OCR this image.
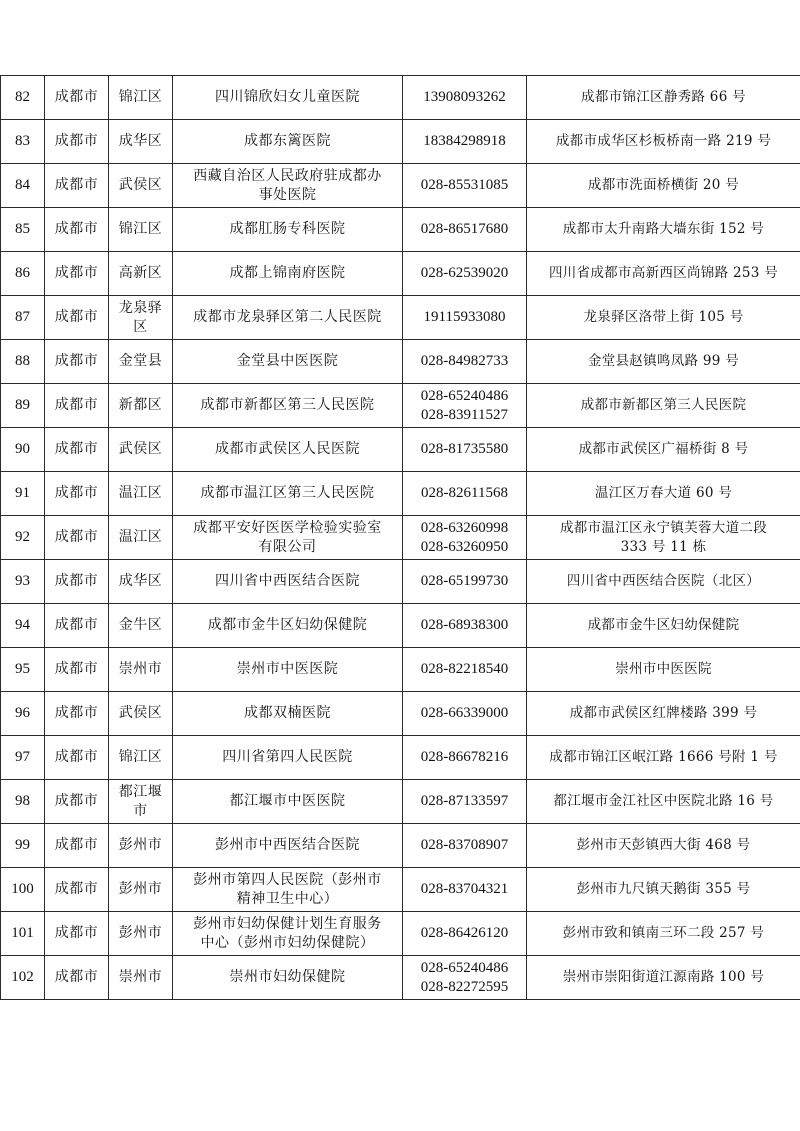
82	成都市	锦江区	四川锦欣妇女儿童医院	13908093262	成都市锦江区静秀路 66 号

83	成都市	成华区	成都东篱医院	18384298918	成都市成华区杉板桥南一路 219 号

84	成都市	武侯区	西藏自治区人民政府驻成都办
事处医院	028-85531085	成都市洗面桥横街 20 号

85	成都市	锦江区	成都肛肠专科医院	028-86517680	成都市太升南路大墙东街 152 号

86	成都市	高新区	成都上锦南府医院	028-62539020	四川省成都市高新西区尚锦路 253 号

87	成都市	龙泉驿区	成都市龙泉驿区第二人民医院	19115933080	龙泉驿区洛带上街 105 号

88	成都市	金堂县	金堂县中医医院	028-84982733	金堂县赵镇鸣凤路 99 号

89	成都市	新都区	成都市新都区第三人民医院	028-65240486
028-83911527	成都市新都区第三人民医院

90	成都市	武侯区	成都市武侯区人民医院	028-81735580	成都市武侯区广福桥街 8 号

91	成都市	温江区	成都市温江区第三人民医院	028-82611568	温江区万春大道 60 号

92	成都市	温江区	成都平安好医医学检验实验室
有限公司	028-63260998
028-63260950	成都市温江区永宁镇芙蓉大道二段
333 号 11 栋

93	成都市	成华区	四川省中西医结合医院	028-65199730	四川省中西医结合医院（北区）

94	成都市	金牛区	成都市金牛区妇幼保健院	028-68938300	成都市金牛区妇幼保健院

95	成都市	崇州市	崇州市中医医院	028-82218540	崇州市中医医院

96	成都市	武侯区	成都双楠医院	028-66339000	成都市武侯区红牌楼路 399 号

97	成都市	锦江区	四川省第四人民医院	028-86678216	成都市锦江区岷江路 1666 号附 1 号

98	成都市	都江堰市	都江堰市中医医院	028-87133597	都江堰市金江社区中医院北路 16 号

99	成都市	彭州市	彭州市中西医结合医院	028-83708907	彭州市天彭镇西大街 468 号

100	成都市	彭州市	彭州市第四人民医院（彭州市
精神卫生中心）	028-83704321	彭州市九尺镇天鹅街 355 号

101	成都市	彭州市	彭州市妇幼保健计划生育服务
中心（彭州市妇幼保健院）	028-86426120	彭州市致和镇南三环二段 257 号

102	成都市	崇州市	崇州市妇幼保健院	028-65240486
028-82272595	崇州市崇阳街道江源南路 100 号
